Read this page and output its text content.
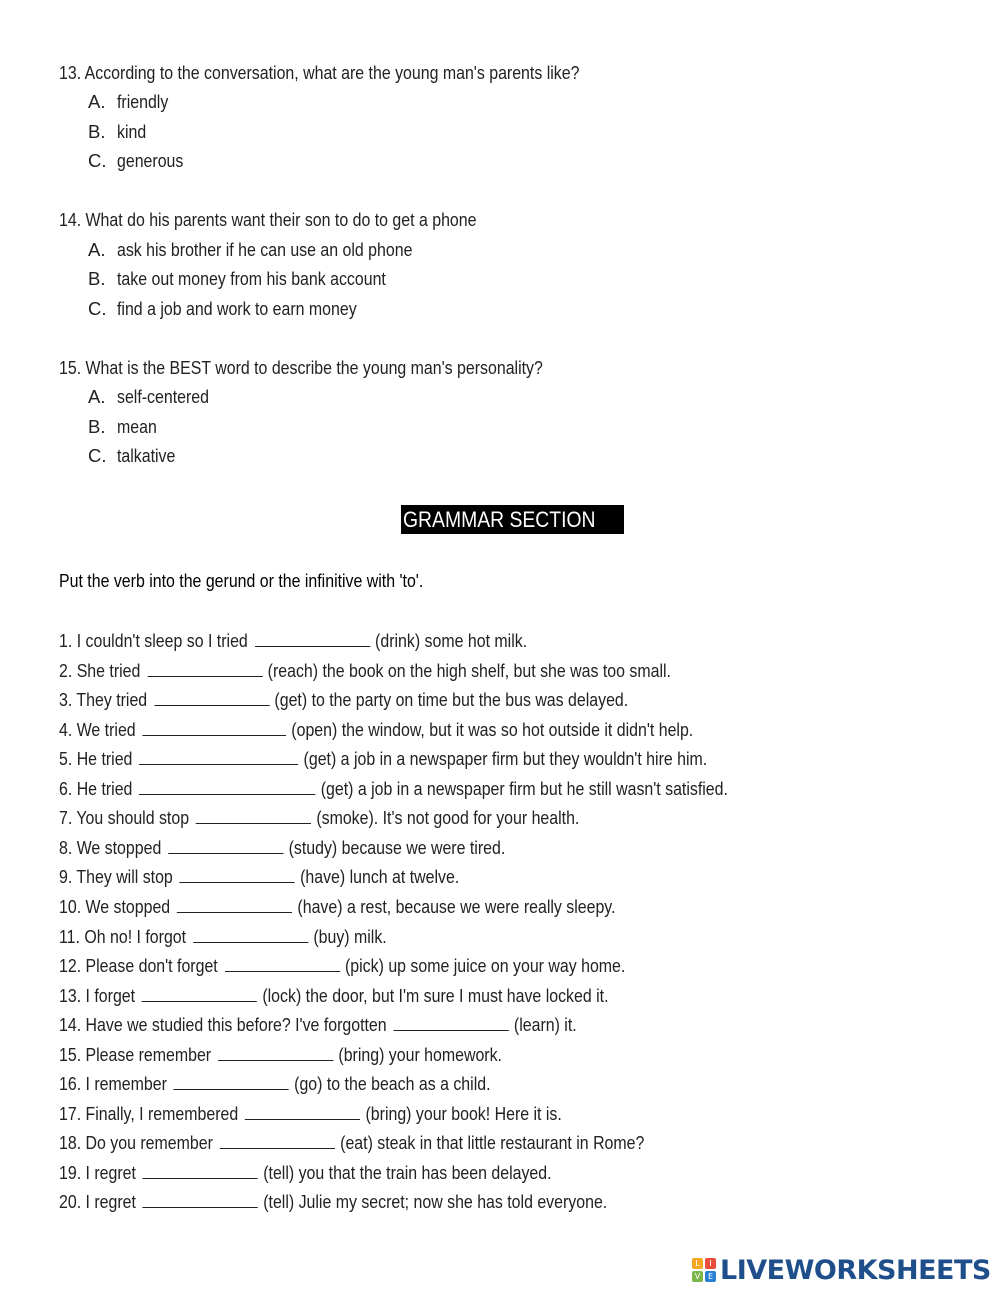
13. According to the conversation, what are the young man's parents like?
A. friendly
B. kind
C. generous
14. What do his parents want their son to do to get a phone
A. ask his brother if he can use an old phone
B. take out money from his bank account
C. find a job and work to earn money
15. What is the BEST word to describe the young man's personality?
A. self-centered
B. mean
C. talkative
GRAMMAR SECTION
Put the verb into the gerund or the infinitive with 'to'.
1. I couldn't sleep so I tried	(drink) some hot milk.
2. She tried	(reach) the book on the high shelf, but she was too small.
3. They tried	(get) to the party on time but the bus was delayed.
4. We tried	(open) the window, but it was so hot outside it didn't help.
5. He tried	(get) a job in a newspaper firm but they wouldn't hire him.
6. He tried	(get) a job in a newspaper firm but he still wasn't satisfied.
7. You should stop	(smoke). It's not good for your health.
8. We stopped	(study) because we were tired.
9. They will stop	(have) lunch at twelve.
10. We stopped	(have) a rest, because we were really sleepy.
11. Oh no! I forgot	(buy) milk.
12. Please don't forget	(pick) up some juice on your way home.
13. I forget	(lock) the door, but I'm sure I must have locked it.
14. Have we studied this before? I've forgotten	(learn) it.
15. Please remember	(bring) your homework.
16. I remember	(go) to the beach as a child.
17. Finally, I remembered	(bring) your book! Here it is.
18. Do you remember	(eat) steak in that little restaurant in Rome?
19. I regret	(tell) you that the train has been delayed.
20. I regret	(tell) Julie my secret; now she has told everyone.
L	I
V E LIVEWORKSHEETS
